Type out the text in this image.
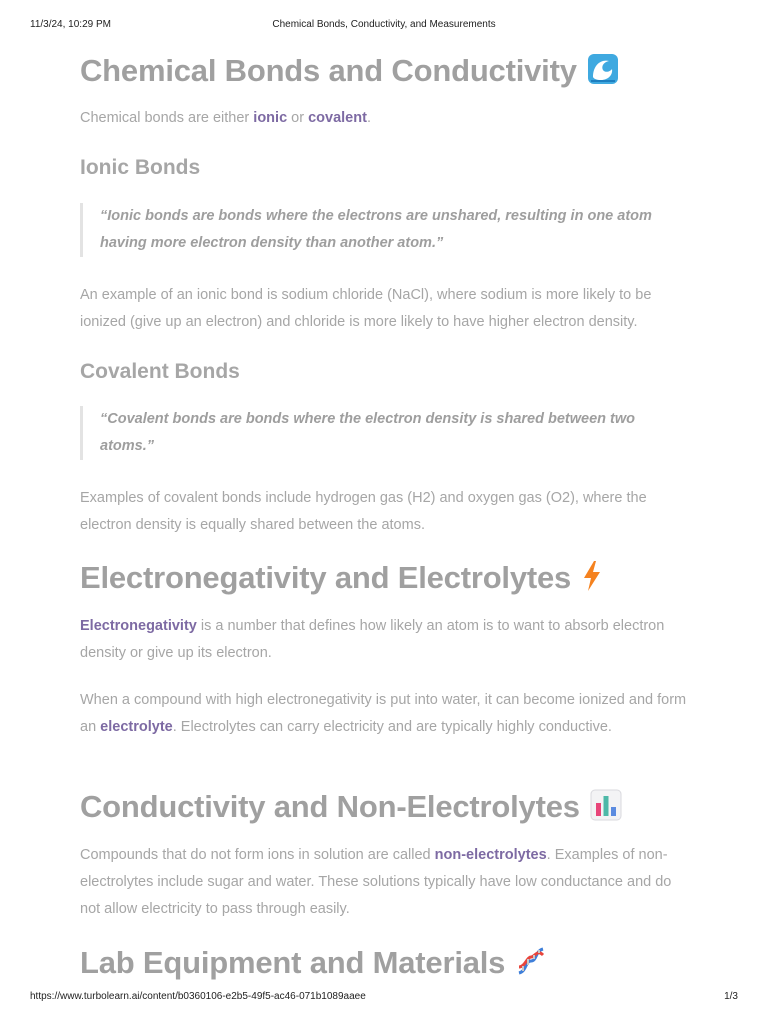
11/3/24, 10:29 PM	Chemical Bonds, Conductivity, and Measurements
Chemical Bonds and Conductivity

Chemical bonds are either ionic or covalent.

Ionic Bonds

“Ionic bonds are bonds where the electrons are unshared, resulting in one atom having more electron density than another atom.”

An example of an ionic bond is sodium chloride (NaCl), where sodium is more likely to be ionized (give up an electron) and chloride is more likely to have higher electron density.

Covalent Bonds

“Covalent bonds are bonds where the electron density is shared between two atoms.”

Examples of covalent bonds include hydrogen gas (H2) and oxygen gas (O2), where the electron density is equally shared between the atoms.

Electronegativity and Electrolytes

Electronegativity is a number that defines how likely an atom is to want to absorb electron density or give up its electron.

When a compound with high electronegativity is put into water, it can become ionized and form an electrolyte. Electrolytes can carry electricity and are typically highly conductive.

Conductivity and Non-Electrolytes

Compounds that do not form ions in solution are called non-electrolytes. Examples of non-electrolytes include sugar and water. These solutions typically have low conductance and do not allow electricity to pass through easily.

Lab Equipment and Materials
https://www.turbolearn.ai/content/b0360106-e2b5-49f5-ac46-071b1089aaee	1/3
